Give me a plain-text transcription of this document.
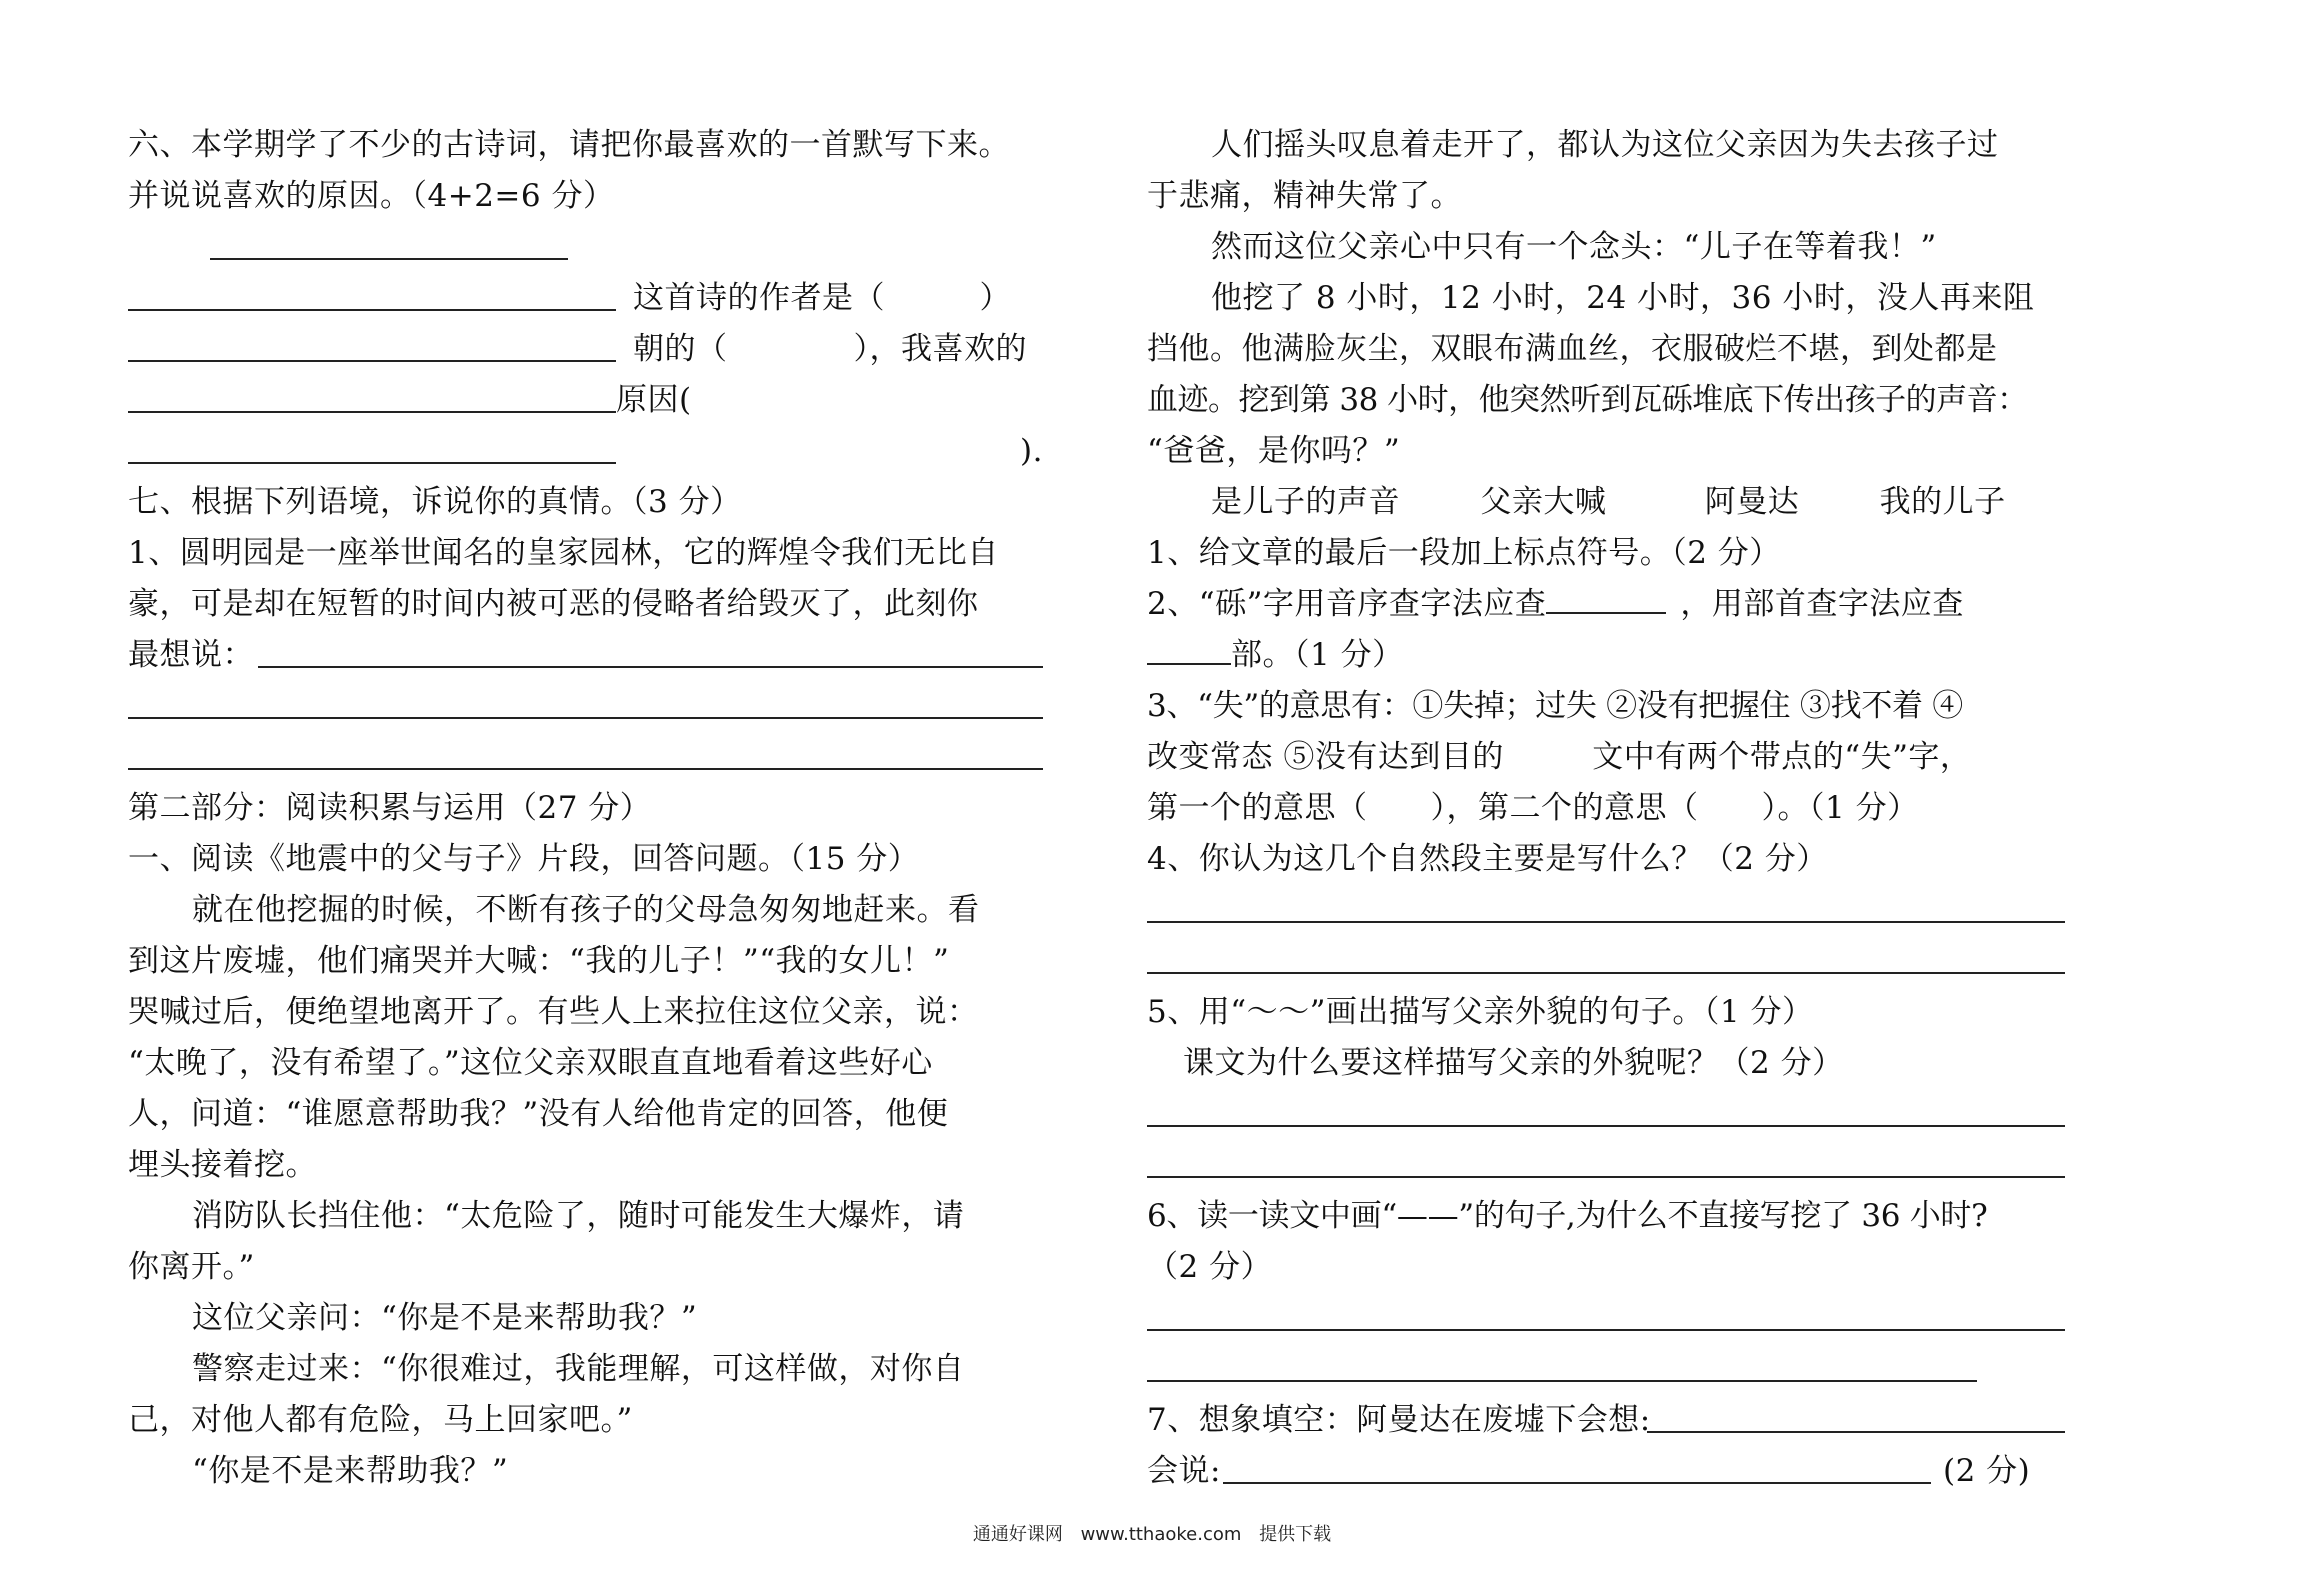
六、本学期学了不少的古诗词，请把你最喜欢的一首默写下来。
并说说喜欢的原因。（4+2=6 分）
这首诗的作者是（　　　）
朝的（　　　　），我喜欢的
原因(
).
七、根据下列语境，诉说你的真情。（3 分）
1、圆明园是一座举世闻名的皇家园林，它的辉煌令我们无比自
豪，可是却在短暂的时间内被可恶的侵略者给毁灭了，此刻你
最想说：
第二部分：阅读积累与运用（27 分）
一、阅读《地震中的父与子》片段，回答问题。（15 分）
就在他挖掘的时候，不断有孩子的父母急匆匆地赶来。看
到这片废墟，他们痛哭并大喊：“我的儿子！”“我的女儿！”
哭喊过后，便绝望地离开了。有些人上来拉住这位父亲，说：
“太晚了，没有希望了。”这位父亲双眼直直地看着这些好心
人，问道：“谁愿意帮助我？”没有人给他肯定的回答，他便
埋头接着挖。
消防队长挡住他：“太危险了，随时可能发生大爆炸，请
你离开。”
这位父亲问：“你是不是来帮助我？”
警察走过来：“你很难过，我能理解，可这样做，对你自
己，对他人都有危险，马上回家吧。”
“你是不是来帮助我？”
人们摇头叹息着走开了，都认为这位父亲因为失去孩子过
于悲痛，精神失常了。
然而这位父亲心中只有一个念头：“儿子在等着我！”
他挖了 8 小时，12 小时，24 小时，36 小时，没人再来阻
挡他。他满脸灰尘，双眼布满血丝，衣服破烂不堪，到处都是
血迹。挖到第 38 小时，他突然听到瓦砾堆底下传出孩子的声音：
“爸爸，是你吗？”
是儿子的声音	父亲大喊	阿曼达	我的儿子
1、给文章的最后一段加上标点符号。（2 分）
2、“砾”字用音序查字法应查	，用部首查字法应查
部。（1 分）
3、“失”的意思有：①失掉；过失 ②没有把握住 ③找不着 ④
改变常态 ⑤没有达到目的	文中有两个带点的“失”字，
第一个的意思（　　），第二个的意思（　　）。（1 分）
4、你认为这几个自然段主要是写什么？（2 分）
5、用“～～”画出描写父亲外貌的句子。（1 分）
课文为什么要这样描写父亲的外貌呢？（2 分）
6、读一读文中画“——”的句子,为什么不直接写挖了 36 小时?
（2 分）
7、想象填空：阿曼达在废墟下会想:
会说:	(2 分)
通通好课网 www.tthaoke.com 提供下载
